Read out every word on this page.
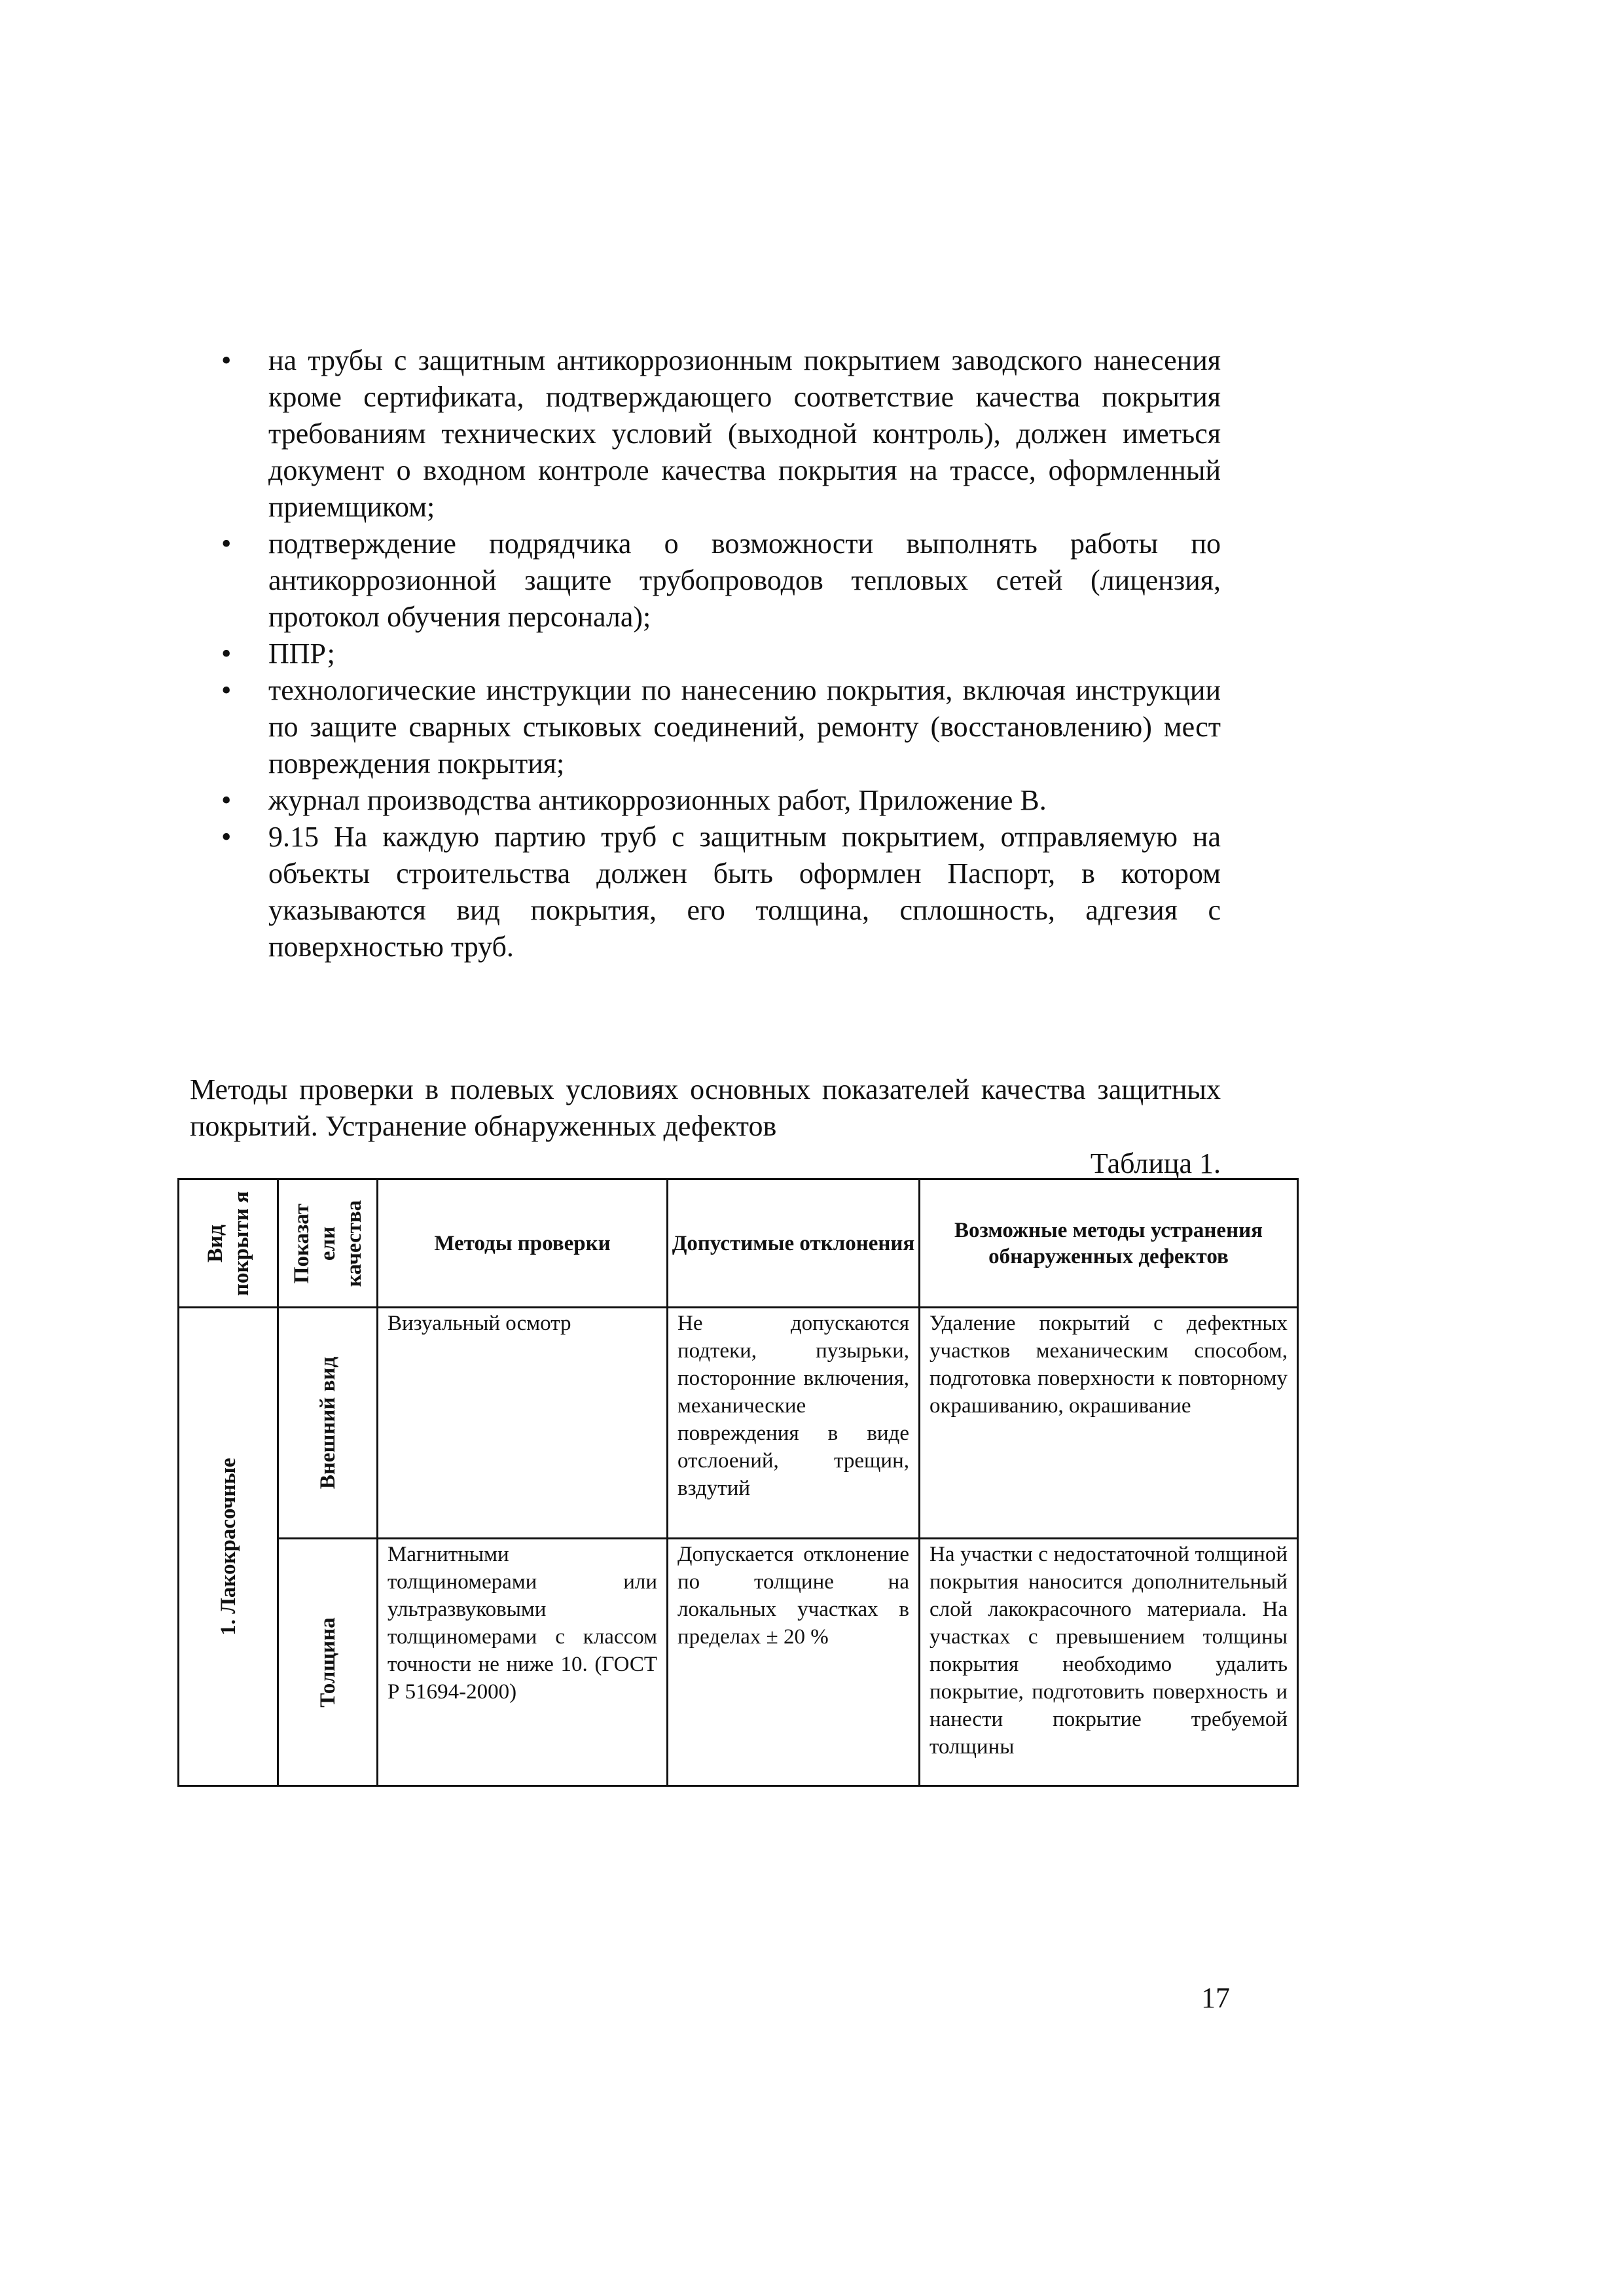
• на трубы с защитным антикоррозионным покрытием заводского нанесения кроме сертификата, подтверждающего соответствие качества покрытия требованиям технических условий (выходной контроль), должен иметься документ о входном контроле качества покрытия на трассе, оформленный приемщиком;
• подтверждение подрядчика о возможности выполнять работы по антикоррозионной защите трубопроводов тепловых сетей (лицензия, протокол обучения персонала);
• ППР;
• технологические инструкции по нанесению покрытия, включая инструкции по защите сварных стыковых соединений, ремонту (восстановлению) мест повреждения покрытия;
• журнал производства антикоррозионных работ, Приложение В.
• 9.15 На каждую партию труб с защитным покрытием, отправляемую на объекты строительства должен быть оформлен Паспорт, в котором указываются вид покрытия, его толщина, сплошность, адгезия с поверхностью труб.

Методы проверки в полевых условиях основных показателей качества защитных покрытий. Устранение обнаруженных дефектов

Таблица 1.

Вид покрыти я	Показат ели качества	Методы проверки	Допустимые отклонения	Возможные методы устранения обнаруженных дефектов

1. Лакокрасочные	Внешний вид	Визуальный осмотр	Не допускаются подтеки, пузырьки, посторонние включения, механические повреждения в виде отслоений, трещин, вздутий	Удаление покрытий с дефектных участков механическим способом, подготовка поверхности к повторному окрашиванию, окрашивание

	Толщина	Магнитными толщиномерами или ультразвуковыми толщиномерами с классом точности не ниже 10. (ГОСТ Р 51694-2000)	Допускается отклонение по толщине на локальных участках в пределах ± 20 %	На участки с недостаточной толщиной покрытия наносится дополнительный слой лакокрасочного материала. На участках с превышением толщины покрытия необходимо удалить покрытие, подготовить поверхность и нанести покрытие требуемой толщины

17
